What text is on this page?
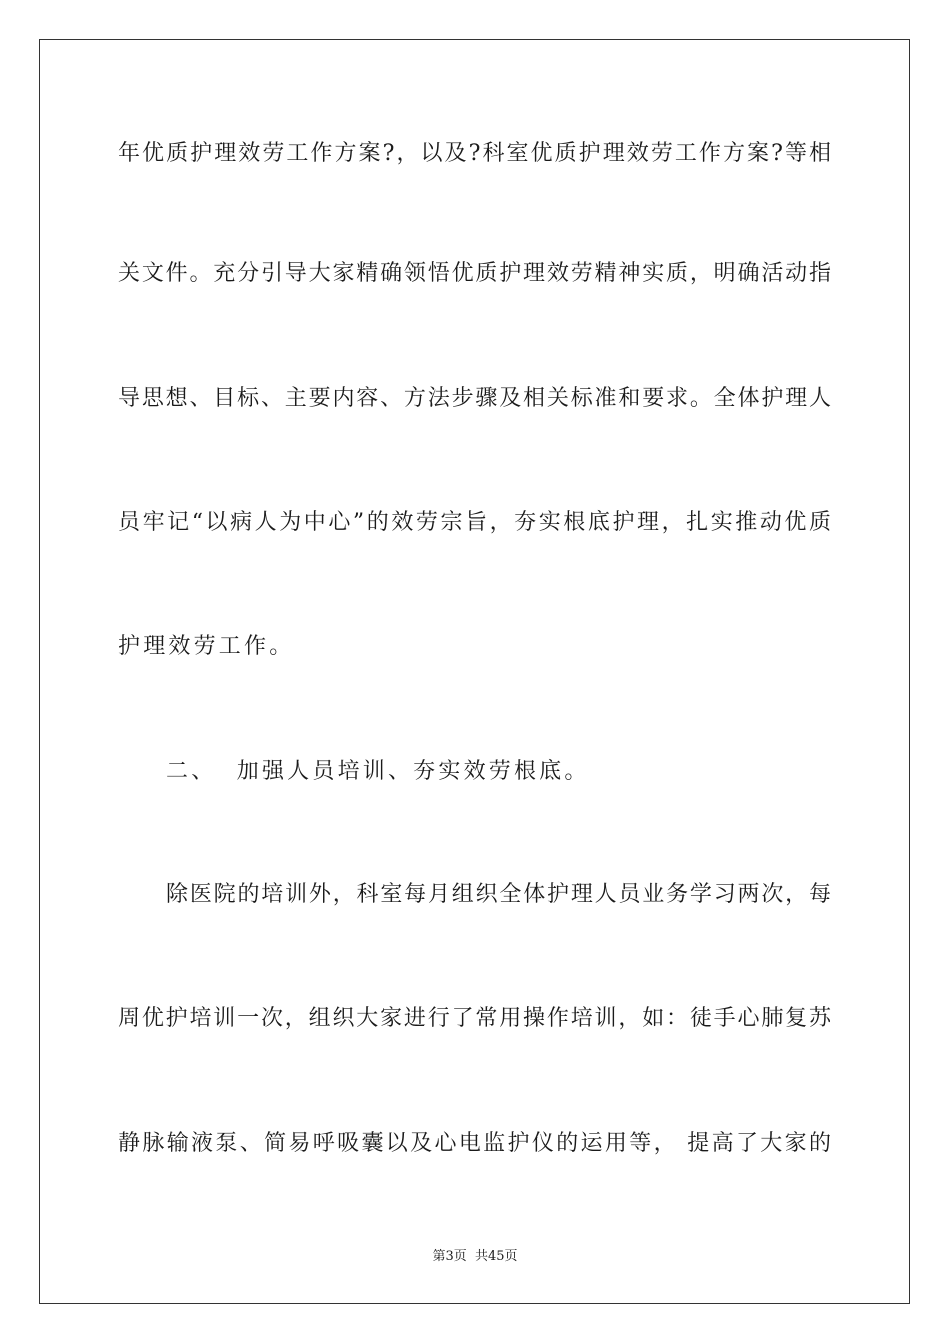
年优质护理效劳工作方案?，以及?科室优质护理效劳工作方案?等相
关文件。充分引导大家精确领悟优质护理效劳精神实质，明确活动指
导思想、目标、主要内容、方法步骤及相关标准和要求。全体护理人
员牢记“以病人为中心”的效劳宗旨，夯实根底护理，扎实推动优质
护理效劳工作。
二、  加强人员培训、夯实效劳根底。
除医院的培训外，科室每月组织全体护理人员业务学习两次，每
周优护培训一次，组织大家进行了常用操作培训，如：徒手心肺复苏
静脉输液泵、简易呼吸囊以及心电监护仪的运用等， 提高了大家的
第3页 共45页
